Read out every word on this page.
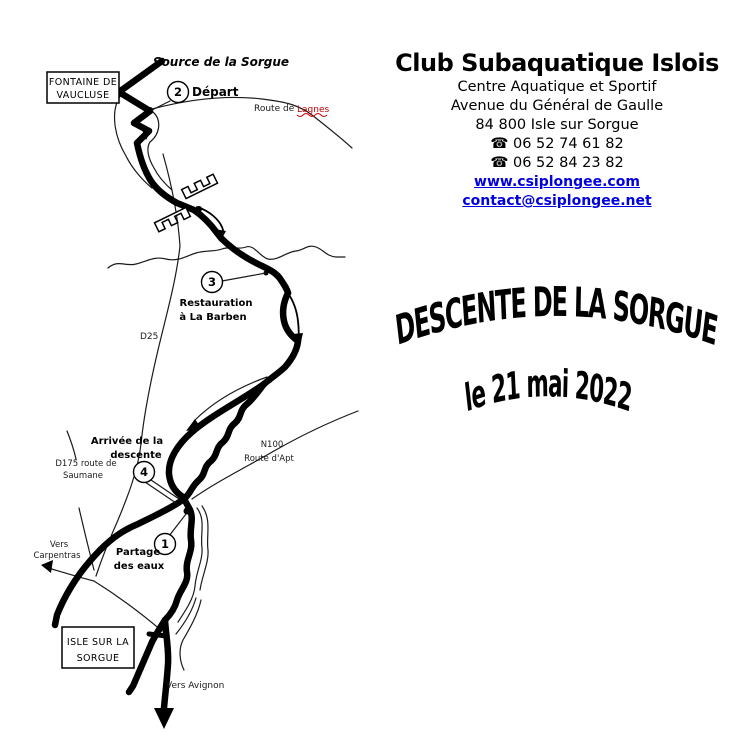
2
3
4
1
FONTAINE DE
VAUCLUSE
ISLE SUR LA
SORGUE
Source de la Sorgue
Départ
Restauration
à La Barben
Arrivée de la
descente
Partage
des eaux
D25
N100
Route d'Apt
D175 route de
Saumane
Vers
Carpentras
Vers Avignon
Route de Lagnes
DESCENTE DE LA SORGUE
le 21 mai 2022
Club Subaquatique Islois
Centre Aquatique et Sportif
Avenue du Général de Gaulle
84 800 Isle sur Sorgue
☎ 06 52 74 61 82
☎ 06 52 84 23 82
www.csiplongee.com
contact@csiplongee.net
